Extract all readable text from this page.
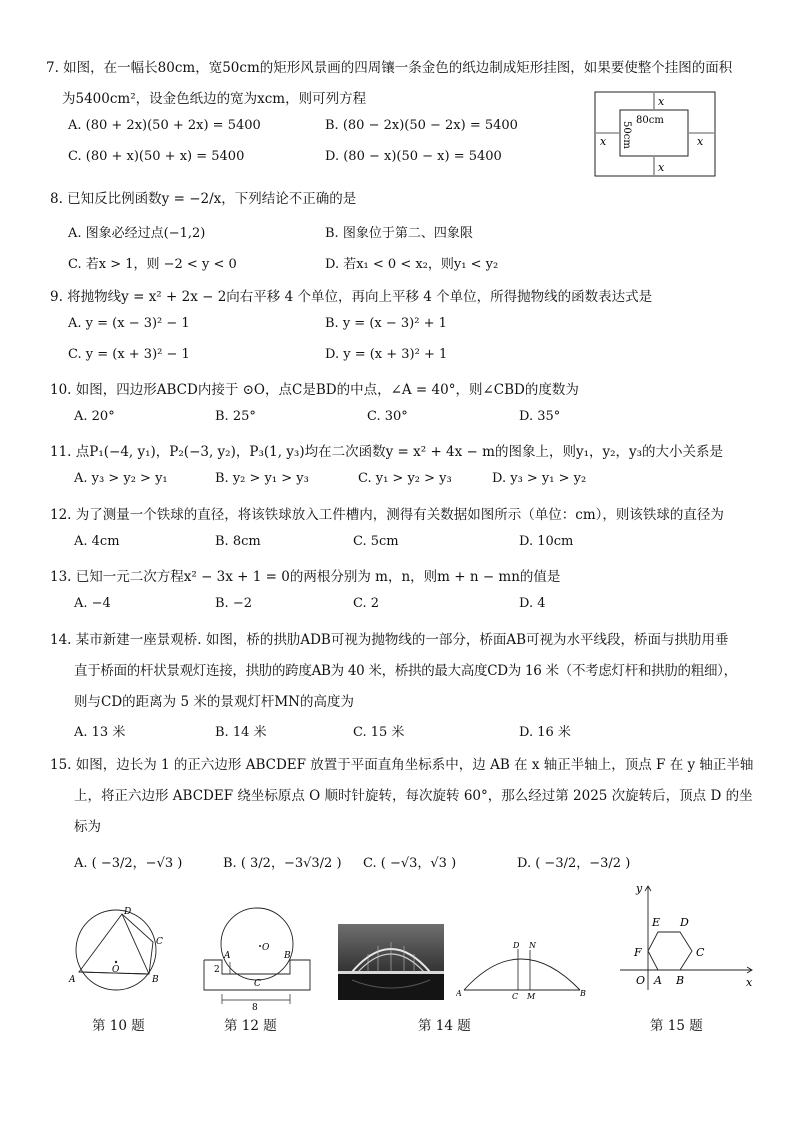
7. 如图，在一幅长80cm，宽50cm的矩形风景画的四周镶一条金色的纸边制成矩形挂图，如果要使整个挂图的面积
为5400cm²，设金色纸边的宽为xcm，则可列方程
A. (80 + 2x)(50 + 2x) = 5400	B. (80 − 2x)(50 − 2x) = 5400
C. (80 + x)(50 + x) = 5400	D. (80 − x)(50 − x) = 5400
x
x
x	x
80cm
50cm
8. 已知反比例函数y = −2/x，下列结论不正确的是
A. 图象必经过点(−1,2)	B. 图象位于第二、四象限
C. 若x > 1，则 −2 < y < 0	D. 若x₁ < 0 < x₂，则y₁ < y₂
9. 将抛物线y = x² + 2x − 2向右平移 4 个单位，再向上平移 4 个单位，所得抛物线的函数表达式是
A. y = (x − 3)² − 1	B. y = (x − 3)² + 1
C. y = (x + 3)² − 1	D. y = (x + 3)² + 1
10. 如图，四边形ABCD内接于 ⊙O，点C是BD的中点，∠A = 40°，则∠CBD的度数为
A. 20°	B. 25°	C. 30°	D. 35°
11. 点P₁(−4, y₁)，P₂(−3, y₂)，P₃(1, y₃)均在二次函数y = x² + 4x − m的图象上，则y₁，y₂，y₃的大小关系是
A. y₃ > y₂ > y₁	B. y₂ > y₁ > y₃	C. y₁ > y₂ > y₃	D. y₃ > y₁ > y₂
12. 为了测量一个铁球的直径，将该铁球放入工件槽内，测得有关数据如图所示（单位：cm），则该铁球的直径为
A. 4cm	B. 8cm	C. 5cm	D. 10cm
13. 已知一元二次方程x² − 3x + 1 = 0的两根分别为 m，n，则m + n − mn的值是
A. −4	B. −2	C. 2	D. 4
14. 某市新建一座景观桥. 如图，桥的拱肋ADB可视为抛物线的一部分，桥面AB可视为水平线段，桥面与拱肋用垂
直于桥面的杆状景观灯连接，拱肋的跨度AB为 40 米，桥拱的最大高度CD为 16 米（不考虑灯杆和拱肋的粗细），
则与CD的距离为 5 米的景观灯杆MN的高度为
A. 13 米	B. 14 米	C. 15 米	D. 16 米
15. 如图，边长为 1 的正六边形 ABCDEF 放置于平面直角坐标系中，边 AB 在 x 轴正半轴上，顶点 F 在 y 轴正半轴
上，将正六边形 ABCDEF 绕坐标原点 O 顺时针旋转，每次旋转 60°，那么经过第 2025 次旋转后，顶点 D 的坐
标为
A. ( −3/2，−√3 )	B. ( 3/2，−3√3/2 ) C. ( −√3，√3 )	D. ( −3/2，−3/2 )
A	B
C
D
O
O
A	B
C
2
8
A	B
C M
D N
y
x
O A B
C
D
E
F
第 10 题	第 12 题	第 14 题	第 15 题
